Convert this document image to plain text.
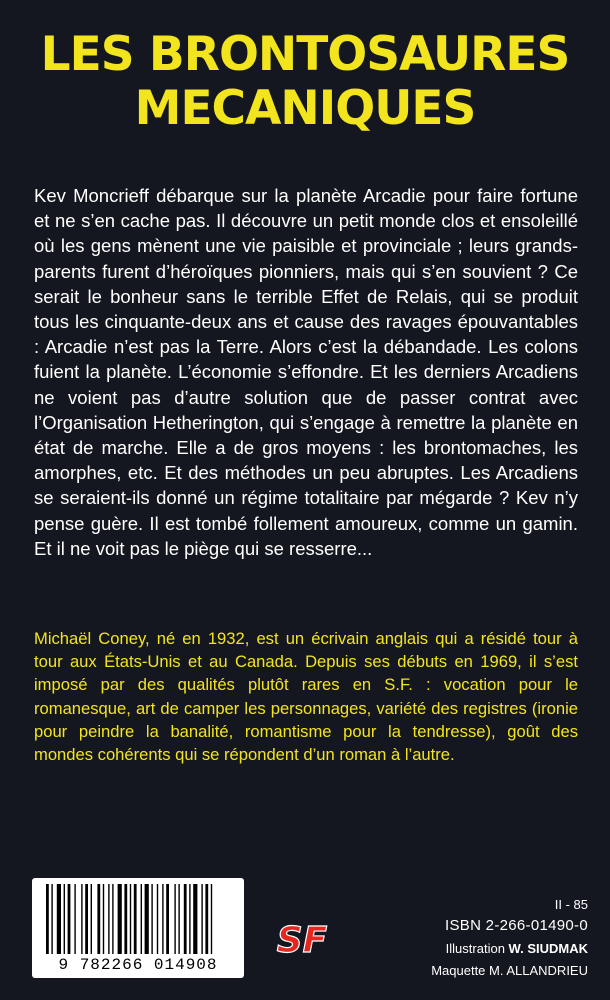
LES BRONTOSAURES
MECANIQUES

Kev Moncrieff débarque sur la planète Arcadie pour faire fortune et ne s’en cache pas. Il découvre un petit monde clos et ensoleillé où les gens mènent une vie paisible et provinciale ; leurs grands-parents furent d’héroïques pionniers, mais qui s’en souvient ? Ce serait le bonheur sans le terrible Effet de Relais, qui se produit tous les cinquante-deux ans et cause des ravages épouvantables : Arcadie n’est pas la Terre. Alors c’est la débandade. Les colons fuient la planète. L’économie s’effondre. Et les derniers Arcadiens ne voient pas d’autre solution que de passer contrat avec l’Organisation Hetherington, qui s’engage à remettre la planète en état de marche. Elle a de gros moyens : les brontomaches, les amorphes, etc. Et des méthodes un peu abruptes. Les Arcadiens se seraient-ils donné un régime totalitaire par mégarde ? Kev n’y pense guère. Il est tombé follement amoureux, comme un gamin. Et il ne voit pas le piège qui se resserre...

Michaël Coney, né en 1932, est un écrivain anglais qui a résidé tour à tour aux États-Unis et au Canada. Depuis ses débuts en 1969, il s’est imposé par des qualités plutôt rares en S.F. : vocation pour le romanesque, art de camper les personnages, variété des registres (ironie pour peindre la banalité, romantisme pour la tendresse), goût des mondes cohérents qui se répondent d’un roman à l’autre.

9 782266 014908
SF
II - 85
ISBN 2-266-01490-0
Illustration W. SIUDMAK
Maquette M. ALLANDRIEU
